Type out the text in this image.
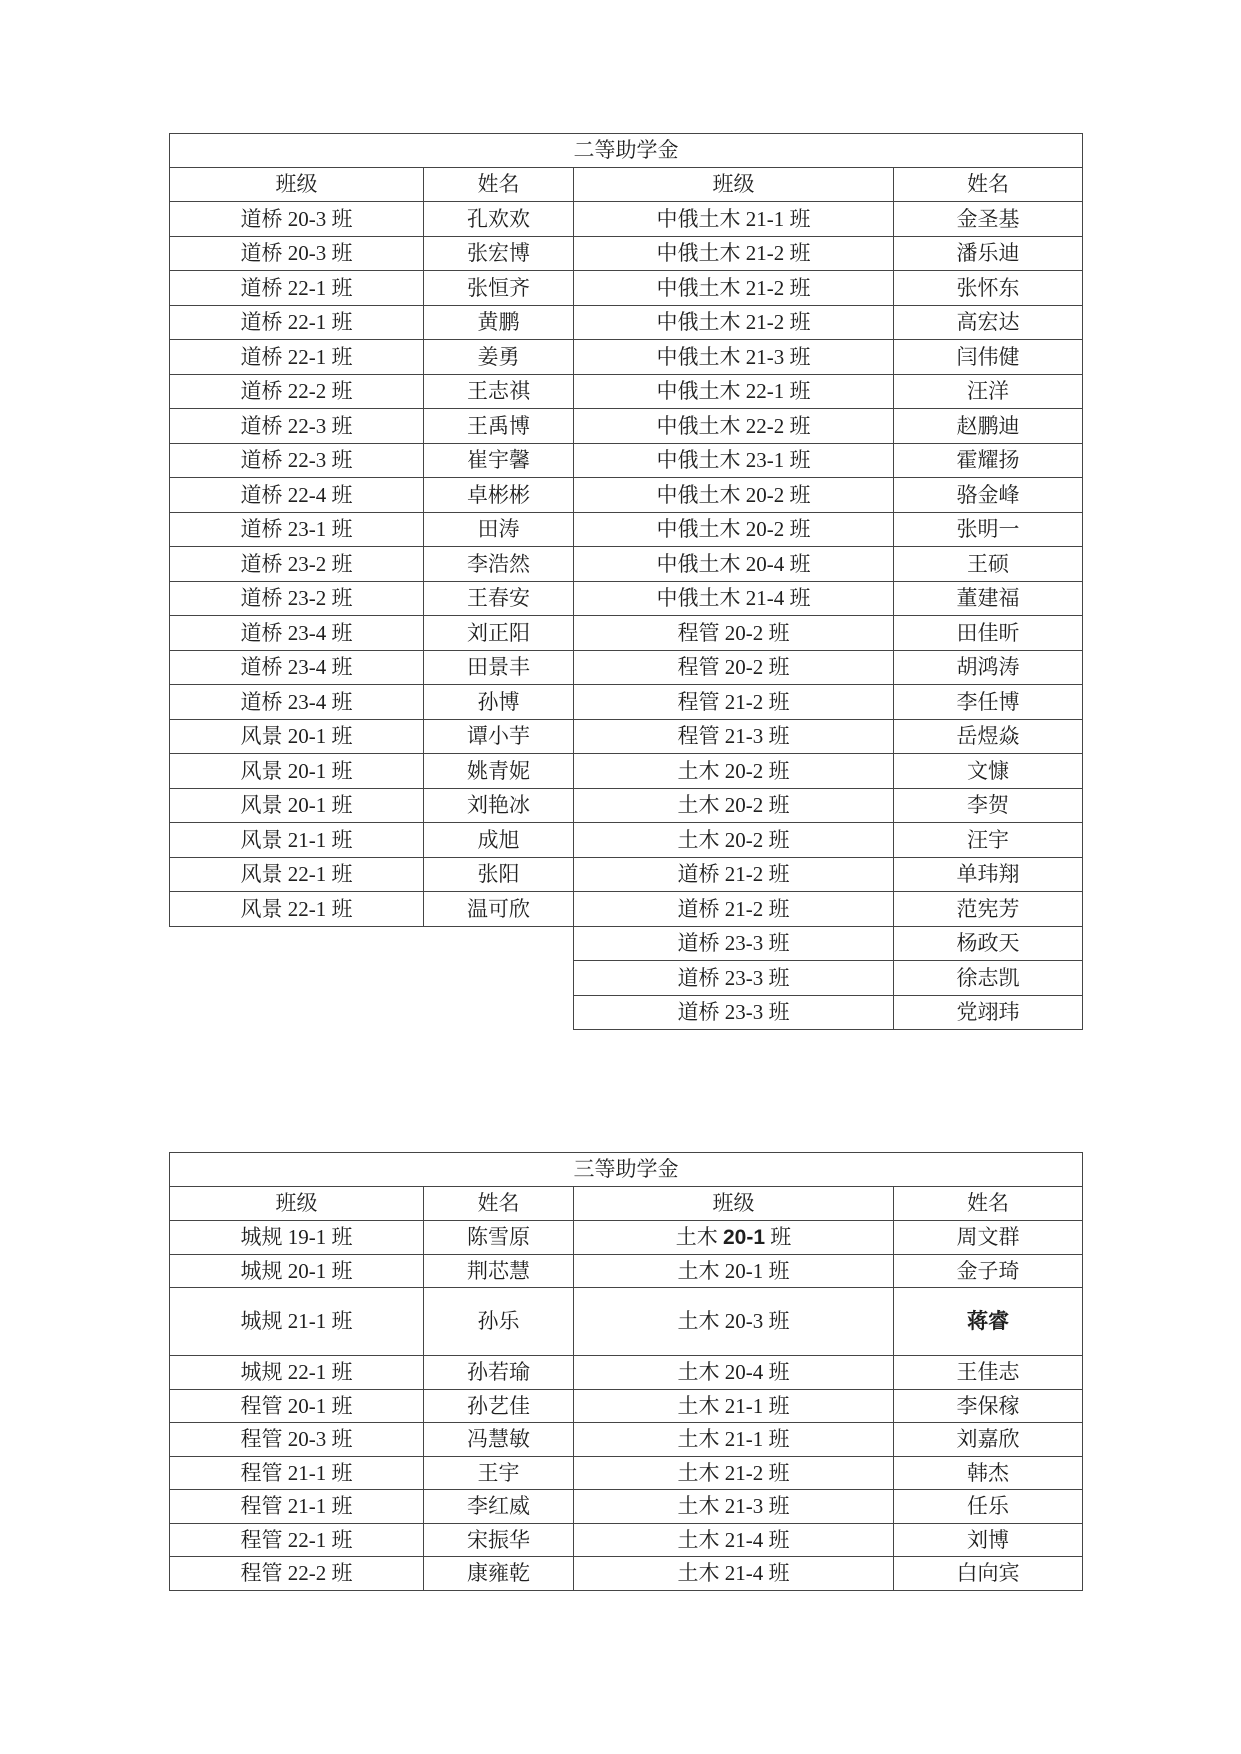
二等助学金			
班级	姓名	班级	姓名
道桥 20-3 班	孔欢欢	中俄土木 21-1 班	金圣基
道桥 20-3 班	张宏博	中俄土木 21-2 班	潘乐迪
道桥 22-1 班	张恒齐	中俄土木 21-2 班	张怀东
道桥 22-1 班	黄鹏	中俄土木 21-2 班	高宏达
道桥 22-1 班	姜勇	中俄土木 21-3 班	闫伟健
道桥 22-2 班	王志祺	中俄土木 22-1 班	汪洋
道桥 22-3 班	王禹博	中俄土木 22-2 班	赵鹏迪
道桥 22-3 班	崔宇馨	中俄土木 23-1 班	霍耀扬
道桥 22-4 班	卓彬彬	中俄土木 20-2 班	骆金峰
道桥 23-1 班	田涛	中俄土木 20-2 班	张明一
道桥 23-2 班	李浩然	中俄土木 20-4 班	王硕
道桥 23-2 班	王春安	中俄土木 21-4 班	董建福
道桥 23-4 班	刘正阳	程管 20-2 班	田佳昕
道桥 23-4 班	田景丰	程管 20-2 班	胡鸿涛
道桥 23-4 班	孙博	程管 21-2 班	李任博
风景 20-1 班	谭小芋	程管 21-3 班	岳煜焱
风景 20-1 班	姚青妮	土木 20-2 班	文慷
风景 20-1 班	刘艳冰	土木 20-2 班	李贺
风景 21-1 班	成旭	土木 20-2 班	汪宇
风景 22-1 班	张阳	道桥 21-2 班	单玮翔
风景 22-1 班	温可欣	道桥 21-2 班	范宪芳
		道桥 23-3 班	杨政天
		道桥 23-3 班	徐志凯
		道桥 23-3 班	党翊玮
三等助学金			
班级	姓名	班级	姓名
城规 19-1 班	陈雪原	土木 20-1 班	周文群
城规 20-1 班	荆芯慧	土木 20-1 班	金子琦
城规 21-1 班	孙乐	土木 20-3 班	蒋睿
城规 22-1 班	孙若瑜	土木 20-4 班	王佳志
程管 20-1 班	孙艺佳	土木 21-1 班	李保稼
程管 20-3 班	冯慧敏	土木 21-1 班	刘嘉欣
程管 21-1 班	王宇	土木 21-2 班	韩杰
程管 21-1 班	李红威	土木 21-3 班	任乐
程管 22-1 班	宋振华	土木 21-4 班	刘博
程管 22-2 班	康雍乾	土木 21-4 班	白向宾
